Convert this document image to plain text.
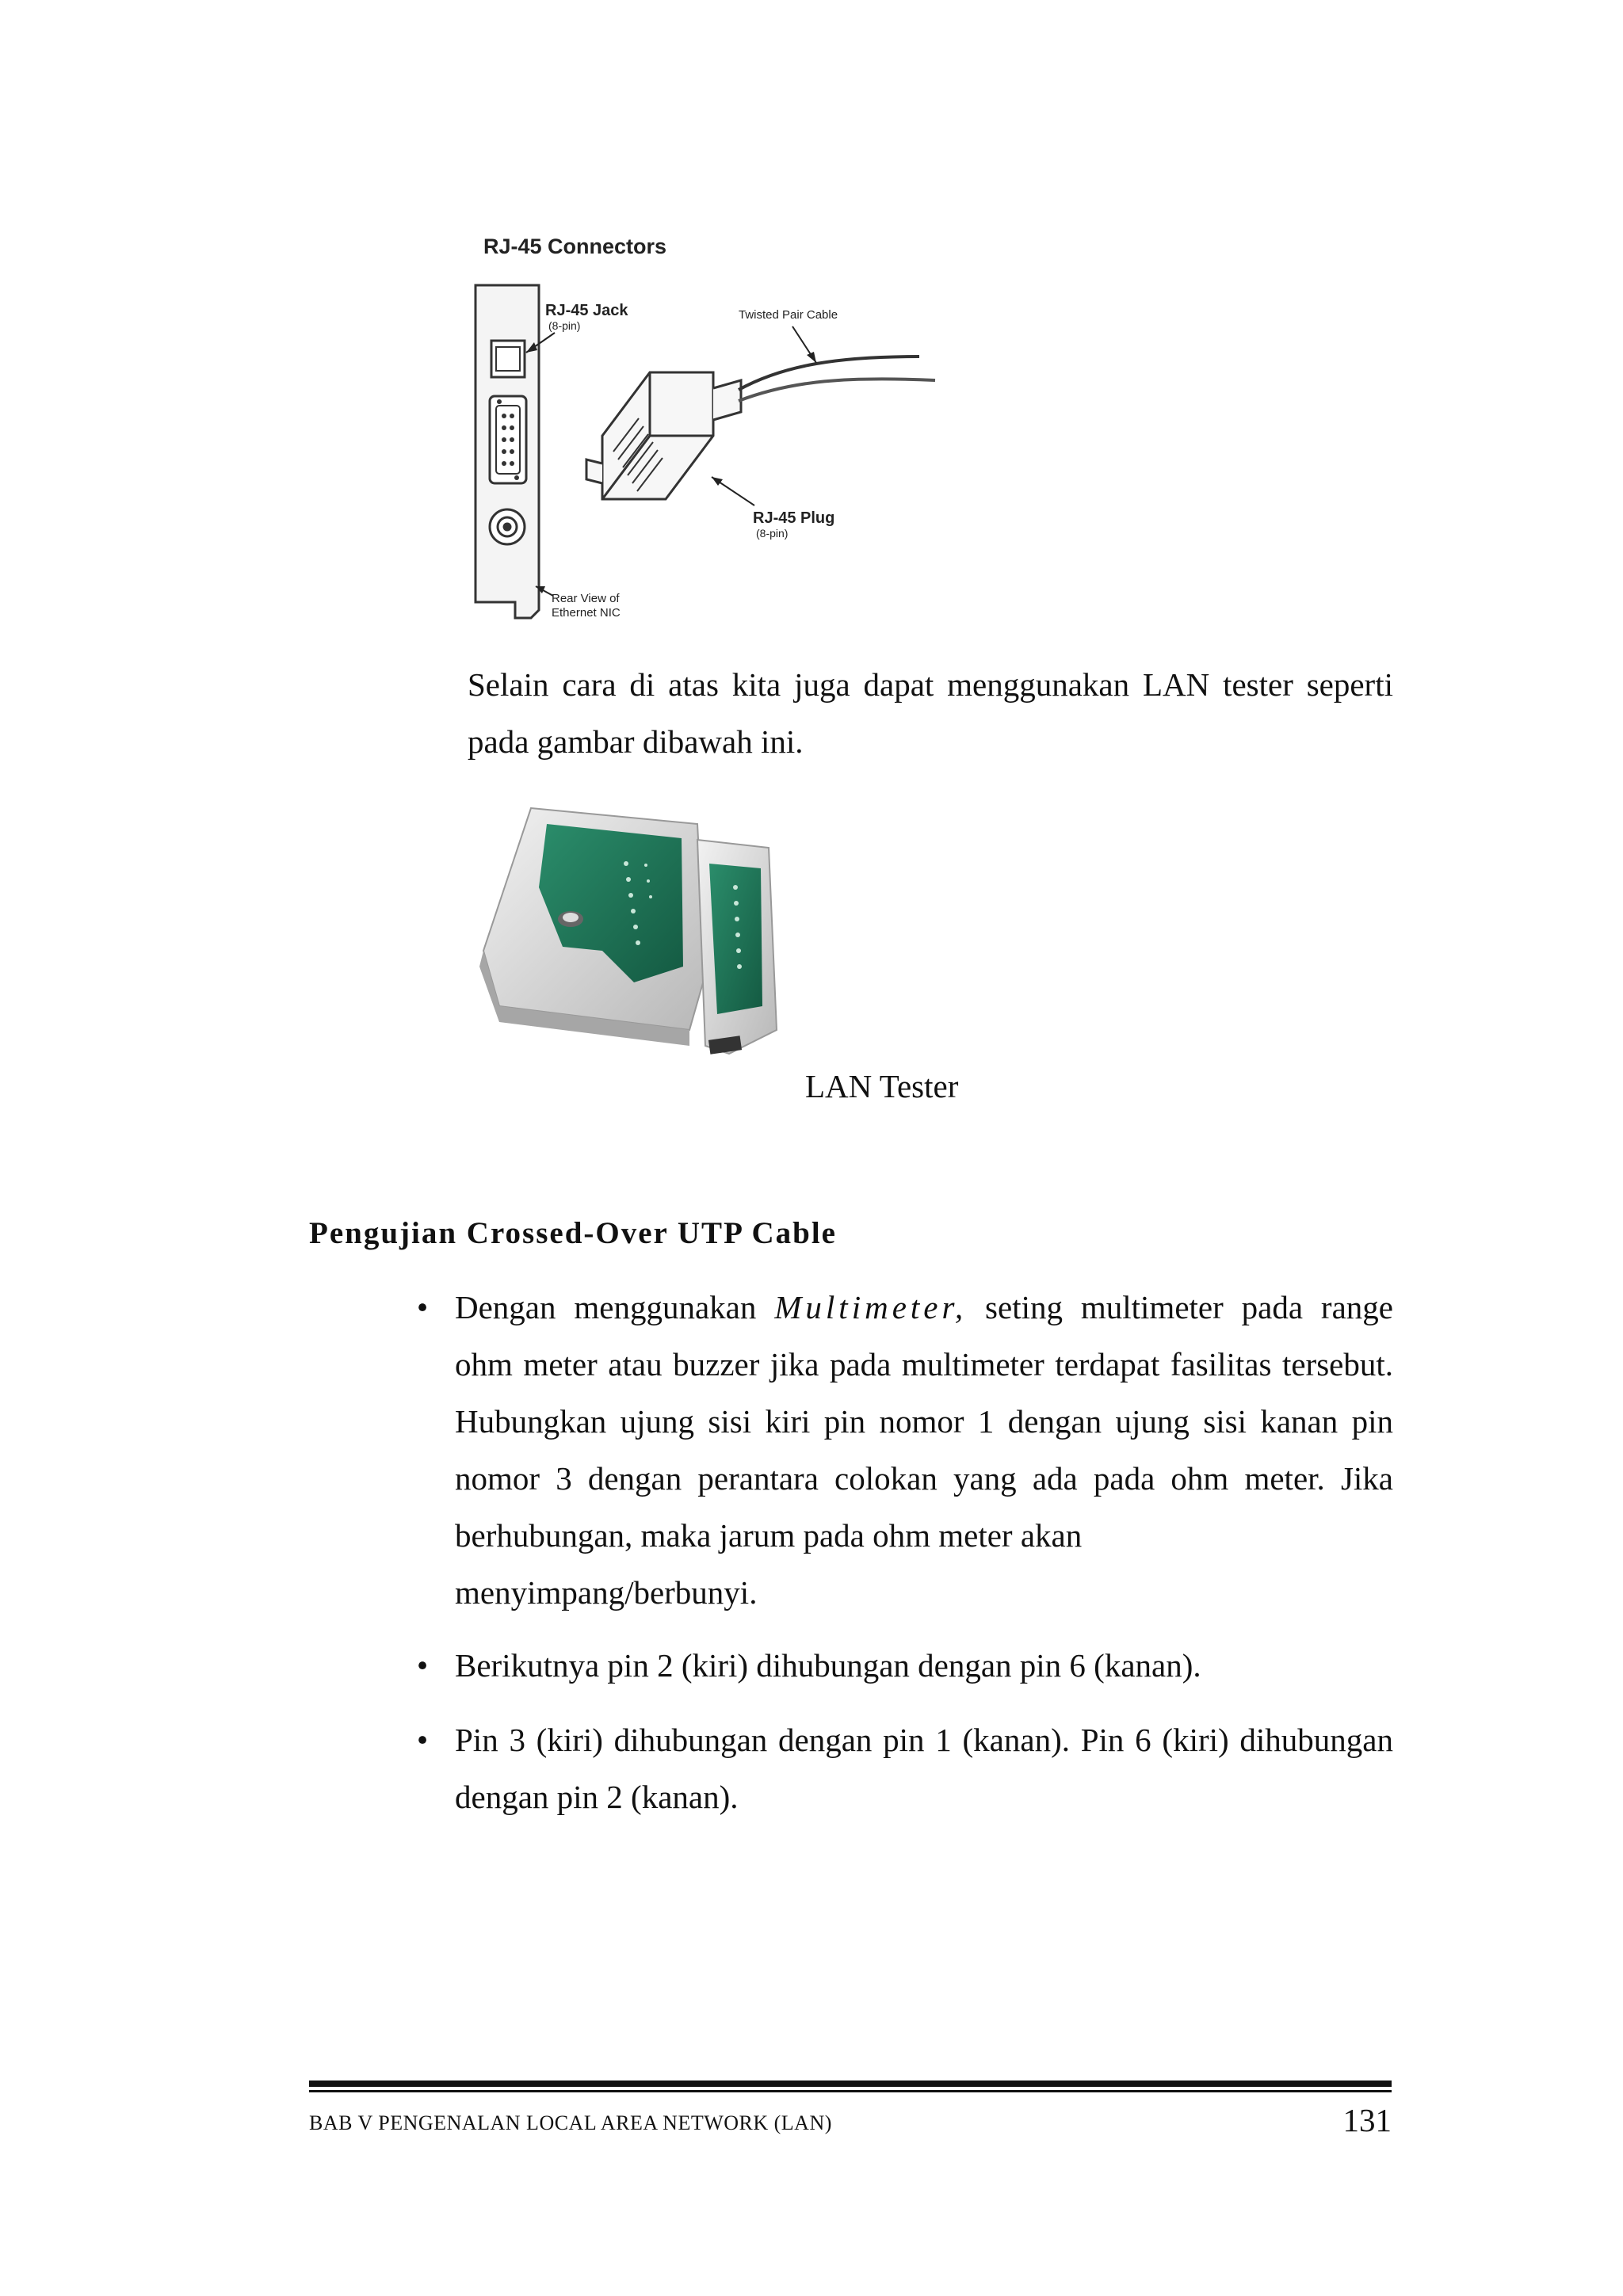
RJ-45 Connectors
RJ-45 Jack
(8-pin)
Twisted Pair Cable
RJ-45 Plug
(8-pin)
Rear View of
Ethernet NIC
Selain cara di atas kita juga dapat menggunakan LAN tester seperti
pada gambar dibawah ini.
LAN Tester
Pengujian Crossed-Over UTP Cable
• Dengan menggunakan Multimeter, seting multimeter pada range ohm meter atau buzzer jika pada multimeter terdapat fasilitas tersebut. Hubungkan ujung sisi kiri pin nomor 1 dengan ujung sisi kanan pin nomor 3 dengan perantara colokan yang ada pada ohm meter. Jika berhubungan, maka jarum pada ohm meter akan
menyimpang/berbunyi.
• Berikutnya pin 2 (kiri) dihubungan dengan pin 6 (kanan).
• Pin 3 (kiri) dihubungan dengan pin 1 (kanan). Pin 6 (kiri) dihubungan
dengan pin 2 (kanan).
BAB V PENGENALAN LOCAL AREA NETWORK (LAN)	131
